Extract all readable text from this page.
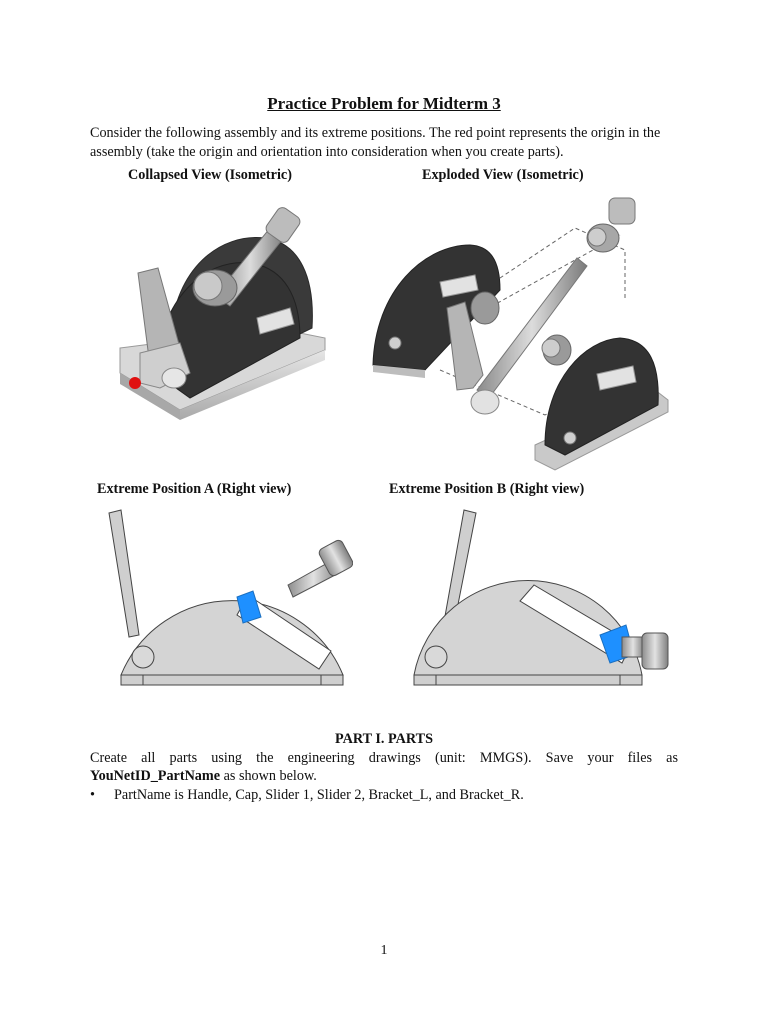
Practice Problem for Midterm 3
Consider the following assembly and its extreme positions. The red point represents the origin in the assembly (take the origin and orientation into consideration when you create parts).
Collapsed View (Isometric)	Exploded View (Isometric)
Extreme Position A (Right view)	Extreme Position B (Right view)
PART I. PARTS
Create all parts using the engineering drawings (unit: MMGS). Save your files as YouNetID_PartName as shown below.
• PartName is Handle, Cap, Slider 1, Slider 2, Bracket_L, and Bracket_R.
1
